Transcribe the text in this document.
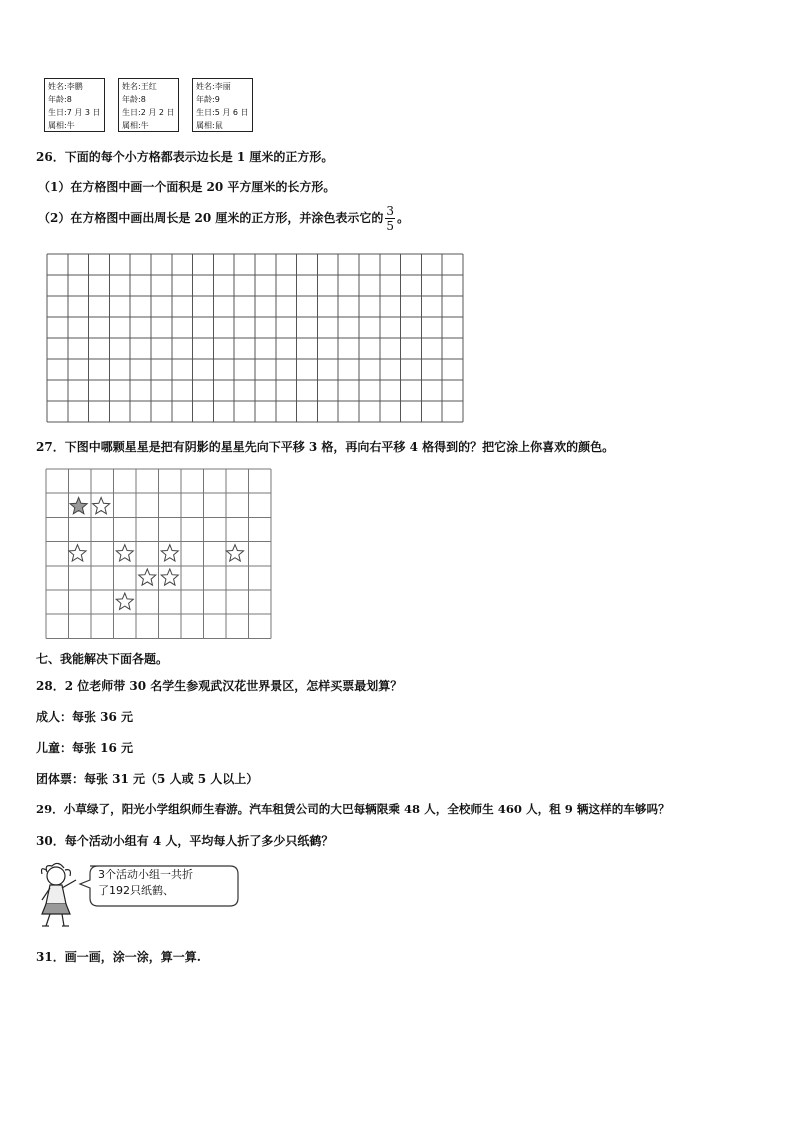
姓名:李鹏
年龄:8
生日:7 月 3 日
属相:牛
姓名:王红
年龄:8
生日:2 月 2 日
属相:牛
姓名:李丽
年龄:9
生日:5 月 6 日
属相:鼠
26．下面的每个小方格都表示边长是 1 厘米的正方形。
（1）在方格图中画一个面积是 20 平方厘米的长方形。
（2）在方格图中画出周长是 20 厘米的正方形，并涂色表示它的 $\frac{3}{5}$ 。
27．下图中哪颗星星是把有阴影的星星先向下平移 3 格，再向右平移 4 格得到的？把它涂上你喜欢的颜色。
七、我能解决下面各题。
28．2 位老师带 30 名学生参观武汉花世界景区，怎样买票最划算？
成人：每张 36 元
儿童：每张 16 元
团体票：每张 31 元（5 人或 5 人以上）
29．小草绿了，阳光小学组织师生春游。汽车租赁公司的大巴每辆限乘 48 人，全校师生 460 人，租 9 辆这样的车够吗？
30．每个活动小组有 4 人，平均每人折了多少只纸鹤？
3个活动小组一共折
了192只纸鹤、
31．画一画，涂一涂，算一算.
